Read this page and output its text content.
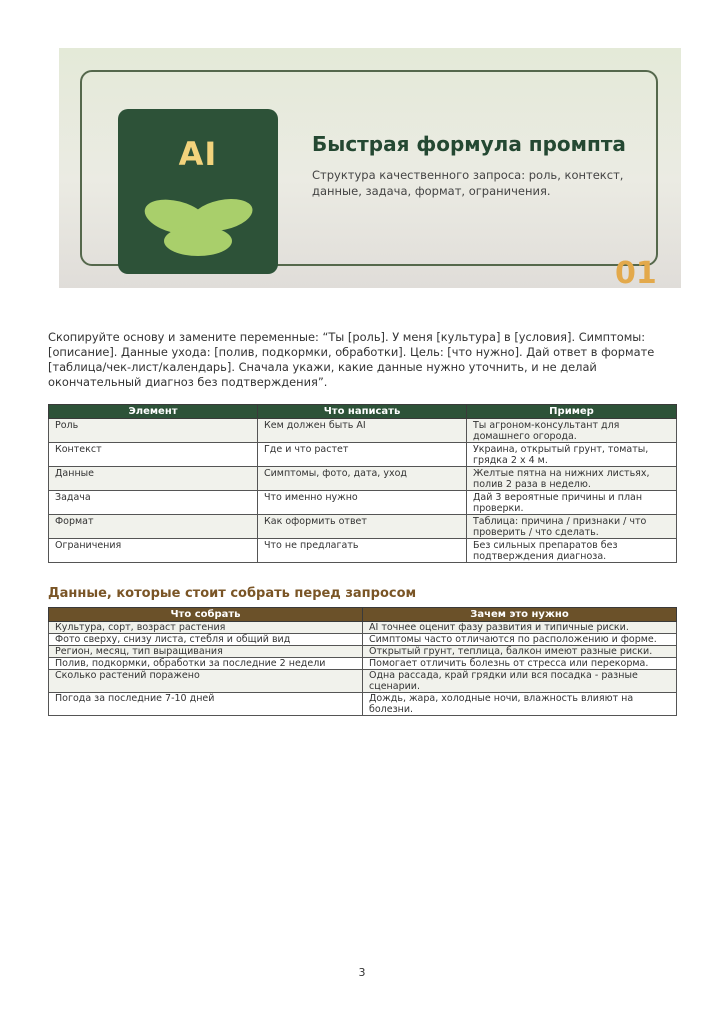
AI	Быстрая формула промпта
Структура качественного запроса: роль, контекст, данные, задача, формат, ограничения.
01

Скопируйте основу и замените переменные: “Ты [роль]. У меня [культура] в [условия]. Симптомы: [описание]. Данные ухода: [полив, подкормки, обработки]. Цель: [что нужно]. Дай ответ в формате [таблица/чек-лист/календарь]. Сначала укажи, какие данные нужно уточнить, и не делай окончательный диагноз без подтверждения”.

Элемент	Что написать	Пример
Роль	Кем должен быть AI	Ты агроном-консультант для домашнего огорода.
Контекст	Где и что растет	Украина, открытый грунт, томаты, грядка 2 х 4 м.
Данные	Симптомы, фото, дата, уход	Желтые пятна на нижних листьях, полив 2 раза в неделю.
Задача	Что именно нужно	Дай 3 вероятные причины и план проверки.
Формат	Как оформить ответ	Таблица: причина / признаки / что проверить / что сделать.
Ограничения	Что не предлагать	Без сильных препаратов без подтверждения диагноза.
Данные, которые стоит собрать перед запросом
Что собрать	Зачем это нужно
Культура, сорт, возраст растения	AI точнее оценит фазу развития и типичные риски.
Фото сверху, снизу листа, стебля и общий вид	Симптомы часто отличаются по расположению и форме.
Регион, месяц, тип выращивания	Открытый грунт, теплица, балкон имеют разные риски.
Полив, подкормки, обработки за последние 2 недели	Помогает отличить болезнь от стресса или перекорма.
Сколько растений поражено	Одна рассада, край грядки или вся посадка - разные сценарии.
Погода за последние 7-10 дней	Дождь, жара, холодные ночи, влажность влияют на болезни.
3
